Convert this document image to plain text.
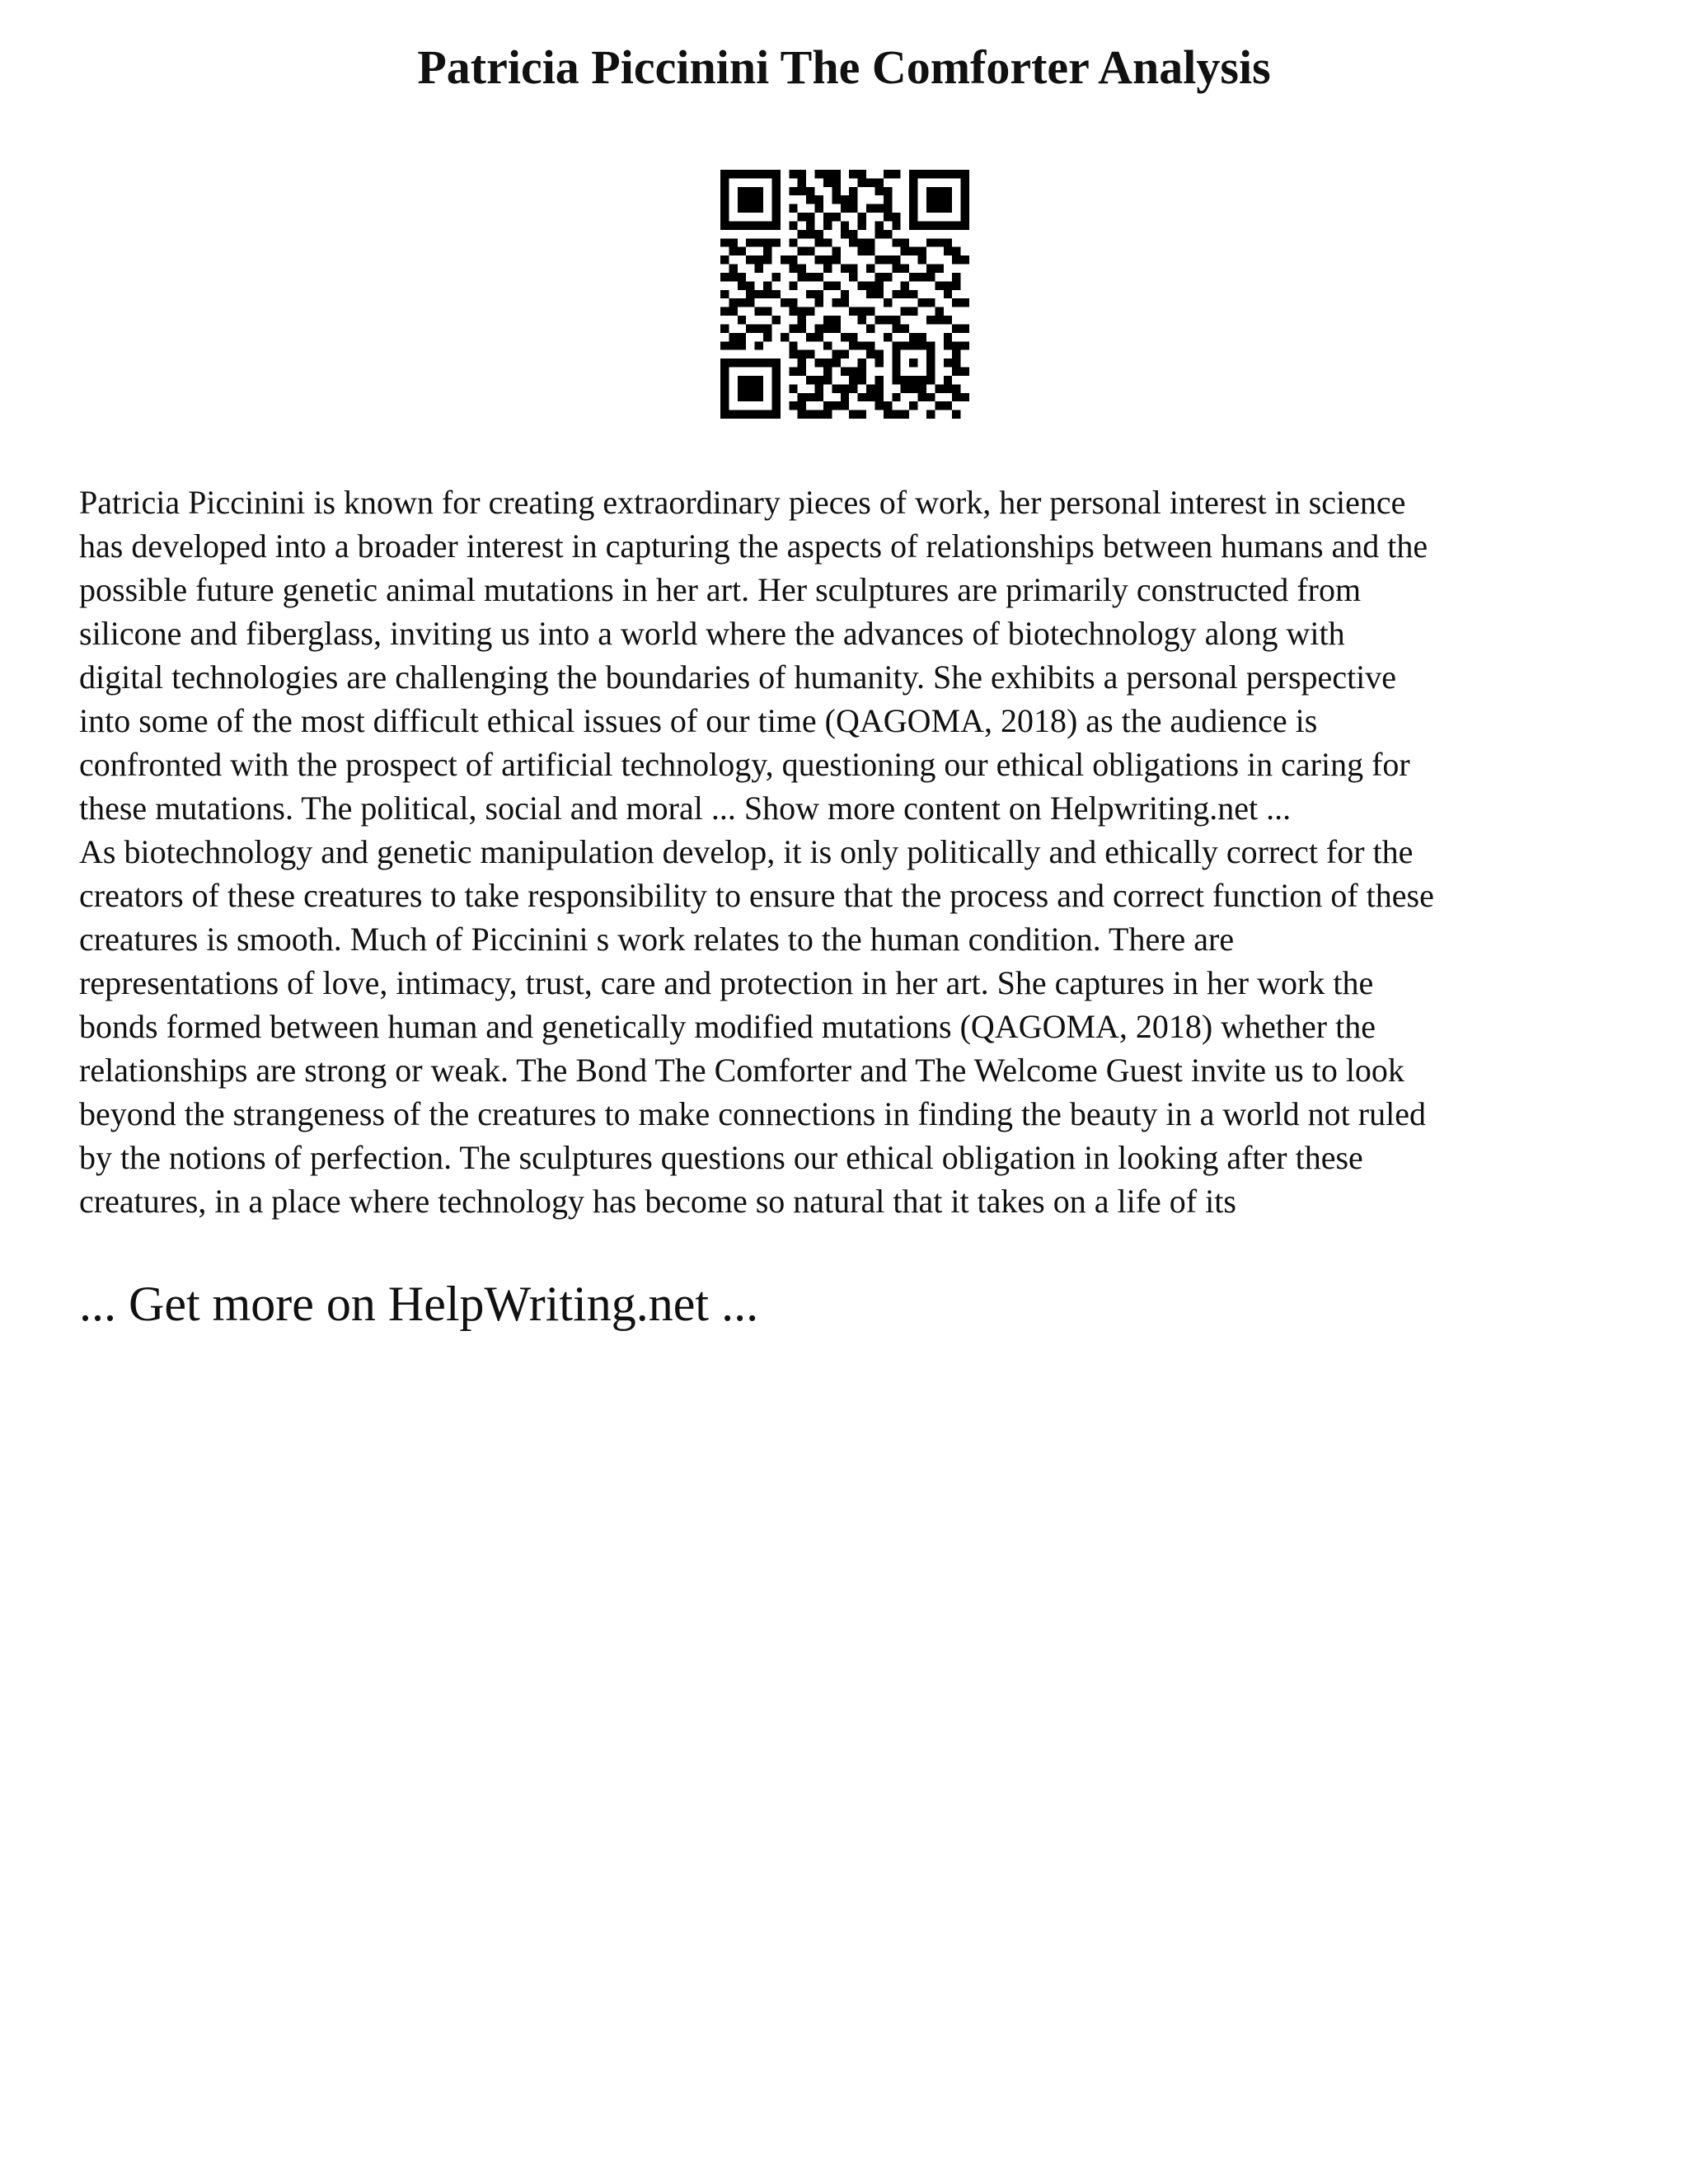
Patricia Piccinini The Comforter Analysis

Patricia Piccinini is known for creating extraordinary pieces of work, her personal interest in science
has developed into a broader interest in capturing the aspects of relationships between humans and the
possible future genetic animal mutations in her art. Her sculptures are primarily constructed from
silicone and fiberglass, inviting us into a world where the advances of biotechnology along with
digital technologies are challenging the boundaries of humanity. She exhibits a personal perspective
into some of the most difficult ethical issues of our time (QAGOMA, 2018) as the audience is
confronted with the prospect of artificial technology, questioning our ethical obligations in caring for
these mutations. The political, social and moral ... Show more content on Helpwriting.net ...
As biotechnology and genetic manipulation develop, it is only politically and ethically correct for the
creators of these creatures to take responsibility to ensure that the process and correct function of these
creatures is smooth. Much of Piccinini s work relates to the human condition. There are
representations of love, intimacy, trust, care and protection in her art. She captures in her work the
bonds formed between human and genetically modified mutations (QAGOMA, 2018) whether the
relationships are strong or weak. The Bond The Comforter and The Welcome Guest invite us to look
beyond the strangeness of the creatures to make connections in finding the beauty in a world not ruled
by the notions of perfection. The sculptures questions our ethical obligation in looking after these
creatures, in a place where technology has become so natural that it takes on a life of its

... Get more on HelpWriting.net ...
